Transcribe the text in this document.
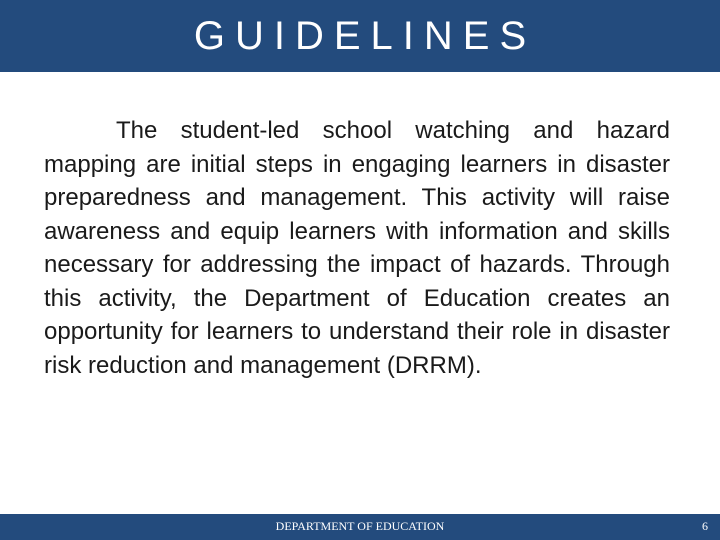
GUIDELINES

The student-led school watching and hazard mapping are initial steps in engaging learners in disaster preparedness and management. This activity will raise awareness and equip learners with information and skills necessary for addressing the impact of hazards. Through this activity, the Department of Education creates an opportunity for learners to understand their role in disaster risk reduction and management (DRRM).

DEPARTMENT OF EDUCATION	6
